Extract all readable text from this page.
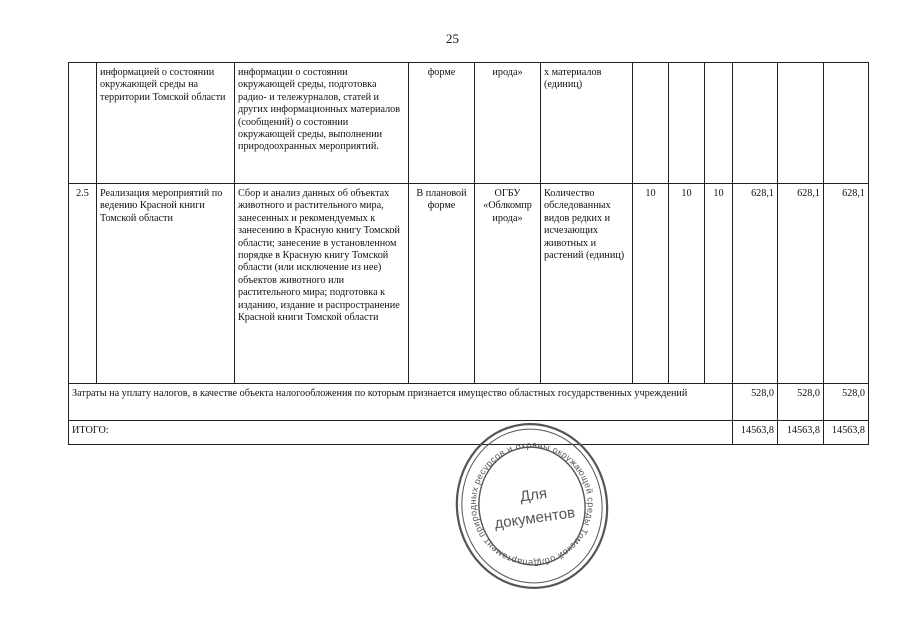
25
	информацией о состоянии окружающей среды на территории Томской области	информации о состоянии окружающей среды, подготовка радио- и тележурналов, статей и других информационных материалов (сообщений) о состоянии окружающей среды, выполнении природоохранных мероприятий.	форме	ирода»	х материалов (единиц)						
2.5	Реализация мероприятий по ведению Красной книги Томской области	Сбор и анализ данных об объектах животного и растительного мира, занесенных и рекомендуемых к занесению в Красную книгу Томской области; занесение в установленном порядке в Красную книгу Томской области (или исключение из нее) объектов животного или растительного мира; подготовка к изданию, издание и распространение Красной книги Томской области	В плановой форме	ОГБУ «Облкомпр ирода»	Количество обследованных видов редких и исчезающих животных и растений (единиц)	10	10	10	628,1	628,1	628,1
Затраты на уплату налогов, в качестве объекта налогообложения по которым признается имущество областных государственных учреждений									528,0	528,0	528,0
ИТОГО:									14563,8	14563,8	14563,8
Департамент природных ресурсов и охраны окружающей среды Томской области
Для
документов
